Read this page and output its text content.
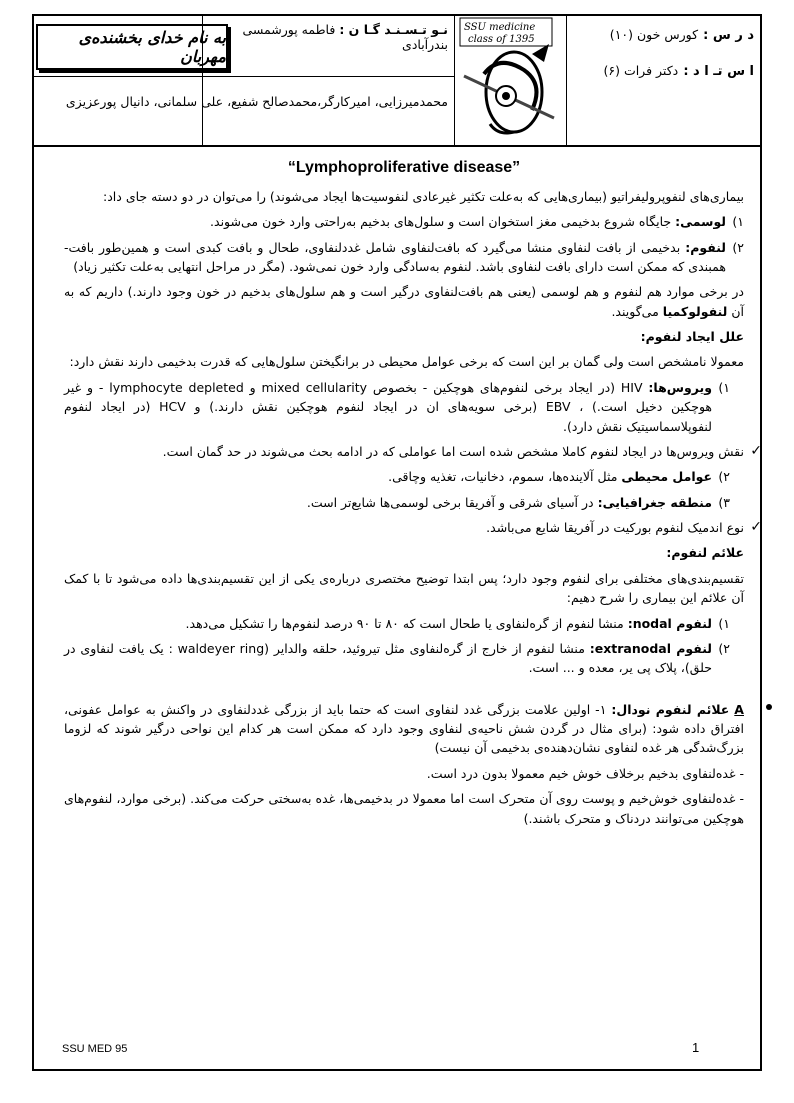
به نام خدای بخشنده‌ی مهربان
نـو تـسـنـد گـا ن : فاطمه پورشمسی بندرآبادی
محمدمیرزایی، امیرکارگر،محمدصالح شفیع، علی سلمانی، دانیال پورعزیزی
SSU medicine
class of 1395	د ر س : کورس خون (۱۰)
ا س تـ ا د : دکتر فرات (۶)
“Lymphoproliferative disease”

بیماری‌های لنفوپرولیفراتیو (بیماری‌هایی که به‌علت تکثیر غیرعادی لنفوسیت‌ها ایجاد می‌شوند) را می‌توان در دو دسته جای داد:

۱)
لوسمی: جایگاه شروع بدخیمی مغز استخوان است و سلول‌های بدخیم به‌راحتی وارد خون می‌شوند.

۲)
لنفوم: بدخیمی از بافت لنفاوی منشا می‌گیرد که بافت‌لنفاوی شامل غددلنفاوی، طحال و بافت کبدی است و همین‌طور بافت-همبندی که ممکن است دارای بافت لنفاوی باشد. لنفوم به‌سادگی وارد خون نمی‌شود. (مگر در مراحل انتهایی به‌علت تکثیر زیاد)

در برخی موارد هم لنفوم و هم لوسمی (یعنی هم بافت‌لنفاوی درگیر است و هم سلول‌های بدخیم در خون وجود دارند.) داریم که به آن لنفولوکمیا می‌گویند.

علل ایجاد لنفوم:

معمولا نامشخص است ولی گمان بر این است که برخی عوامل محیطی در برانگیختن سلول‌هایی که قدرت بدخیمی دارند نقش دارد:

۱)
ویروس‌ها: HIV (در ایجاد برخی لنفوم‌های هوچکین - بخصوص mixed cellularity و lymphocyte depleted - و غیر هوچکین دخیل است.) ، EBV (برخی سویه‌های ان در ایجاد لنفوم هوچکین نقش دارند.) و HCV (در ایجاد لنفوم لنفوپلاسماسیتیک نقش دارد).

✓
نقش ویروس‌ها در ایجاد لنفوم کاملا مشخص شده است اما عواملی که در ادامه بحث می‌شوند در حد گمان است.

۲)
عوامل محیطی مثل آلاینده‌ها، سموم، دخانیات، تغذیه وچاقی.

۳)
منطقه جغرافیایی: در آسیای شرقی و آفریقا برخی لوسمی‌ها شایع‌تر است.

✓
نوع اندمیک لنفوم بورکیت در آفریقا شایع می‌باشد.

علائم لنفوم:

تقسیم‌بندی‌های مختلفی برای لنفوم وجود دارد؛ پس ابتدا توضیح مختصری درباره‌ی یکی از این تقسیم‌بندی‌ها داده می‌شود تا با کمک آن علائم این بیماری را شرح دهیم:

۱)
لنفوم nodal: منشا لنفوم از گره‌لنفاوی یا طحال است که ۸۰ تا ۹۰ درصد لنفوم‌ها را تشکیل می‌دهد.

۲)
لنفوم extranodal: منشا لنفوم از خارج از گره‌لنفاوی مثل تیروئید، حلقه والداير (waldeyer ring : یک یافت لنفاوی در حلق)، پلاک پی یر، معده و ... است.

A علائم لنفوم نودال: ۱- اولین علامت بزرگی غدد لنفاوی است که حتما باید از بزرگی غددلنفاوی در واکنش به عوامل عفونی، افتراق داده شود: (برای مثال در گردن شش ناحیه‌ی لنفاوی وجود دارد که ممکن است هر کدام این نواحی درگیر شوند که لزوما بزرگ‌شدگی هر غده لنفاوی نشان‌دهنده‌ی بدخیمی آن نیست)

- غده‌لنفاوی بدخیم برخلاف خوش خیم معمولا بدون درد است.

- غده‌لنفاوی خوش‌خیم و پوست روی آن متحرک است اما معمولا در بدخیمی‌ها، غده به‌سختی حرکت می‌کند. (برخی موارد، لنفوم‌های هوچکین می‌توانند دردناک و متحرک باشند.)

SSU MED 95	1
